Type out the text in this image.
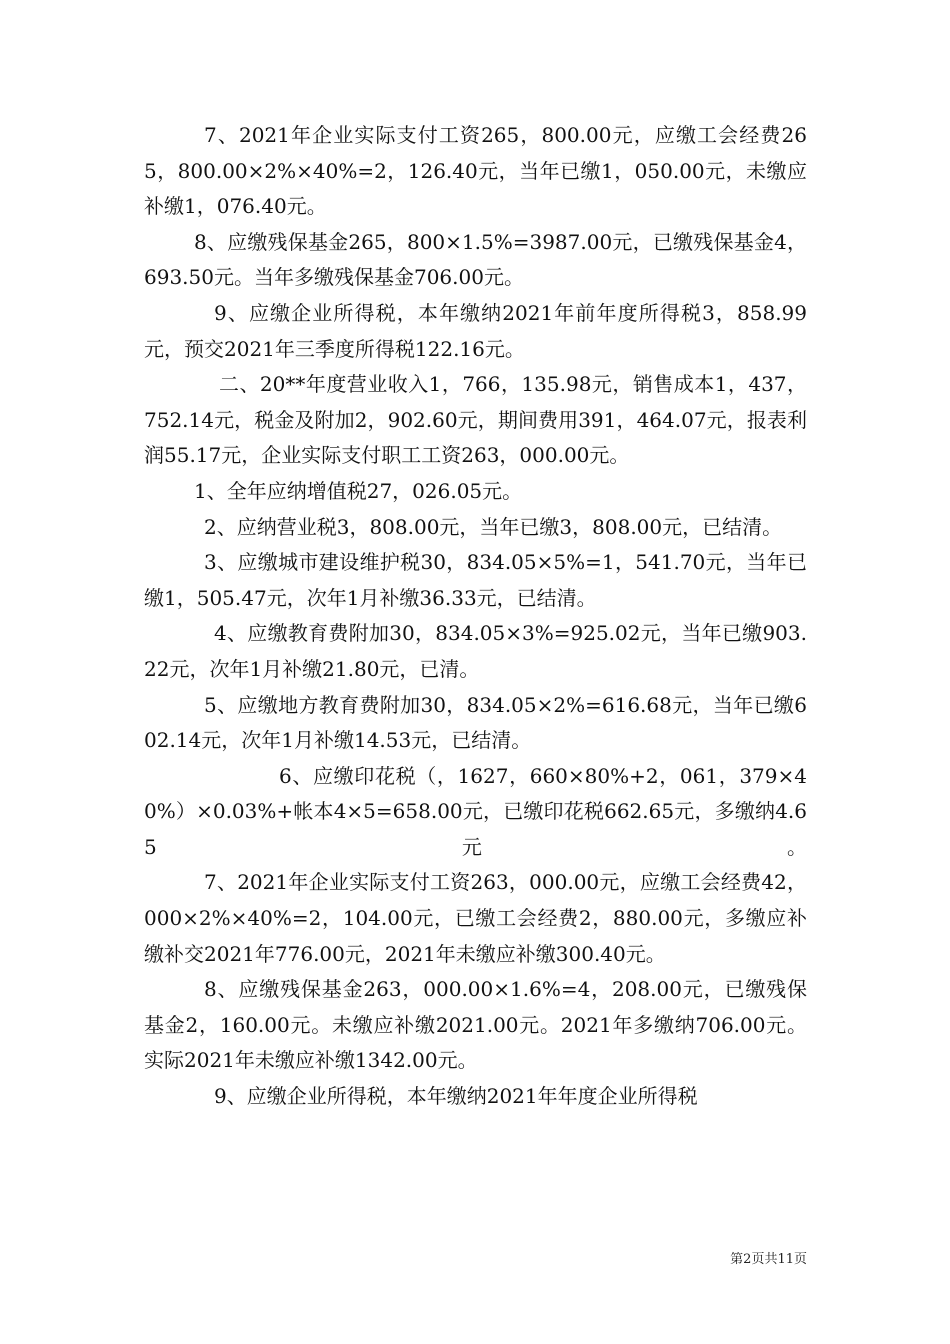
7、2021年企业实际支付工资265，800.00元，应缴工会经费265，800.00×2%×40%=2，126.40元，当年已缴1，050.00元，未缴应补缴1，076.40元。

8、应缴残保基金265，800×1.5%=3987.00元，已缴残保基金4，693.50元。当年多缴残保基金706.00元。

9、应缴企业所得税，本年缴纳2021年前年度所得税3，858.99元，预交2021年三季度所得税122.16元。

二、20**年度营业收入1，766，135.98元，销售成本1，437，752.14元，税金及附加2，902.60元，期间费用391，464.07元，报表利润55.17元，企业实际支付职工工资263，000.00元。

1、全年应纳增值税27，026.05元。

2、应纳营业税3，808.00元，当年已缴3，808.00元，已结清。

3、应缴城市建设维护税30，834.05×5%=1，541.70元，当年已缴1，505.47元，次年1月补缴36.33元，已结清。

4、应缴教育费附加30，834.05×3%=925.02元，当年已缴903.22元，次年1月补缴21.80元，已清。

5、应缴地方教育费附加30，834.05×2%=616.68元，当年已缴602.14元，次年1月补缴14.53元，已结清。

6、应缴印花税（，1627，660×80%+2，061，379×40%）×0.03%+帐本4×5=658.00元，已缴印花税662.65元，多缴纳4.65元。

7、2021年企业实际支付工资263，000.00元，应缴工会经费42，000×2%×40%=2，104.00元，已缴工会经费2，880.00元，多缴应补缴补交2021年776.00元，2021年未缴应补缴300.40元。

8、应缴残保基金263，000.00×1.6%=4，208.00元，已缴残保基金2，160.00元。未缴应补缴2021.00元。2021年多缴纳706.00元。实际2021年未缴应补缴1342.00元。

9、应缴企业所得税，本年缴纳2021年年度企业所得税

第2页共11页
